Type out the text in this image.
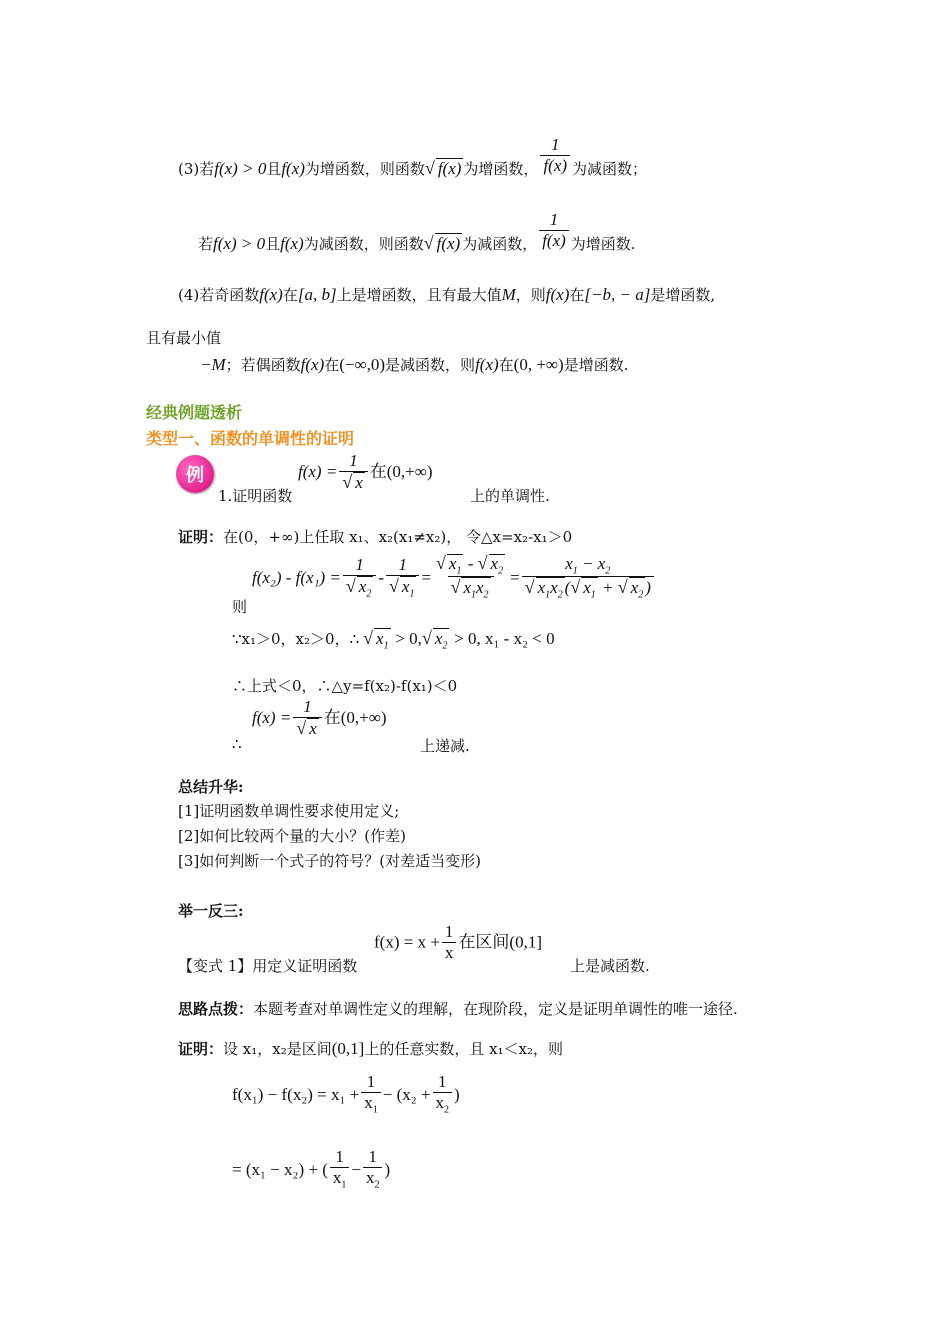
(3)若f(x) > 0且f(x)为增函数，则函数√ f(x) 为增函数， $\frac{1}{f(x)}$ 为减函数；
若f(x) > 0且f(x)为减函数，则函数√ f(x) 为减函数， $\frac{1}{f(x)}$ 为增函数.
(4)若奇函数f(x)在[a, b]上是增函数，且有最大值M，则f(x)在[−b, − a]是增函数,
且有最小值
−M；若偶函数f(x)在(−∞,0)是减函数，则f(x)在(0, +∞)是增函数.
经典例题透析
类型一、函数的单调性的证明
例
1.证明函数
$f(x) = \frac{1}{√ x}$ 在(0,+∞)
上的单调性.
证明：在(0，+∞)上任取 x₁、x₂(x₁≠x₂)， 令△x=x₂-x₁＞0
则
$f(x_2) - f(x_1) = \frac{1}{√ x_2} - \frac{1}{√ x_1} = \frac{√ x_1 - √ x_2}{√ x_1x_2} = \frac{x_1 - x_2}{√ x_1x_2 (√ x_1 + √ x_2 )}$
∵x₁＞0，x₂＞0，∴ √ $x_1 > 0,√$ $x_2 > 0$, x₁ - x₂ < 0
∴上式＜0，∴△y=f(x₂)-f(x₁)＜0
∴
$f(x) = \frac{1}{√ x}$ 在(0,+∞)
上递减.
总结升华:
[1]证明函数单调性要求使用定义;
[2]如何比较两个量的大小？(作差)
[3]如何判断一个式子的符号？(对差适当变形)
举一反三:
【变式 1】用定义证明函数
$f(x) = x + \frac{1}{x}$ 在区间(0,1]
上是减函数.
思路点拨：本题考查对单调性定义的理解，在现阶段，定义是证明单调性的唯一途径.
证明：设 x₁，x₂是区间(0,1]上的任意实数，且 x₁＜x₂，则
$f(x_1) - f(x_2) = x_1 + \frac{1}{x_1} - (x_2 + \frac{1}{x_2}$ )
= (x₁ − x₂) + (
1
$x_1$
− $\frac{1}{x_2}$ )
